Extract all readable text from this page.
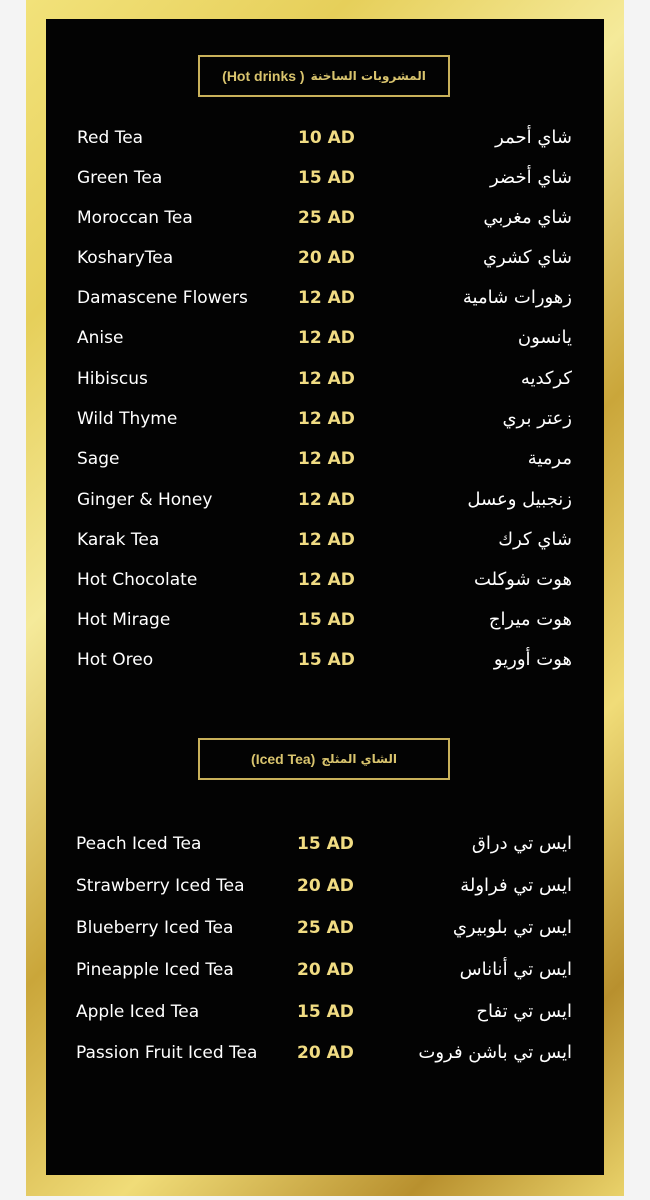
(Hot drinks ) المشروبات الساخنة
Red Tea	10 AD	شاي أحمر
Green Tea	15 AD	شاي أخضر
Moroccan Tea	25 AD	شاي مغربي
KosharyTea	20 AD	شاي كشري
Damascene Flowers	12 AD	زهورات شامية
Anise	12 AD	يانسون
Hibiscus	12 AD	كركديه
Wild Thyme	12 AD	زعتر بري
Sage	12 AD	مرمية
Ginger & Honey	12 AD	زنجبيل وعسل
Karak Tea	12 AD	شاي كرك
Hot Chocolate	12 AD	هوت شوكلت
Hot Mirage	15 AD	هوت ميراج
Hot Oreo	15 AD	هوت أوريو
(Iced Tea) الشاي المثلج
Peach Iced Tea	15 AD	ايس تي دراق
Strawberry Iced Tea	20 AD	ايس تي فراولة
Blueberry Iced Tea	25 AD	ايس تي بلوبيري
Pineapple Iced Tea	20 AD	ايس تي أناناس
Apple Iced Tea	15 AD	ايس تي تفاح
Passion Fruit Iced Tea 20 AD	ايس تي باشن فروت
